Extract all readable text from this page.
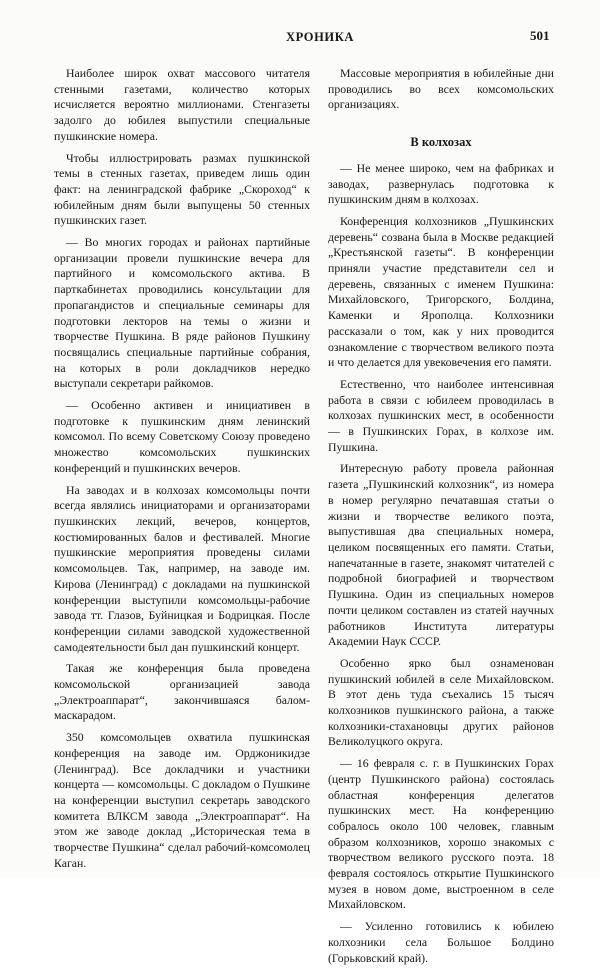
ХРОНИКА	501

Наиболее широк охват массового читателя стенными газетами, количество которых исчисляется вероятно миллионами. Стенгазеты задолго до юбилея выпустили специальные пушкинские номера.

Чтобы иллюстрировать размах пушкинской темы в стенных газетах, приведем лишь один факт: на ленинградской фабрике „Скороход“ к юбилейным дням были выпущены 50 стенных пушкинских газет.

— Во многих городах и районах партийные организации провели пушкинские вечера для партийного и комсомольского актива. В парткабинетах проводились консультации для пропагандистов и специальные семинары для подготовки лекторов на темы о жизни и творчестве Пушкина. В ряде районов Пушкину посвящались специальные партийные собрания, на которых в роли докладчиков нередко выступали секретари райкомов.

— Особенно активен и инициативен в подготовке к пушкинским дням ленинский комсомол. По всему Советскому Союзу проведено множество комсомольских пушкинских конференций и пушкинских вечеров.

На заводах и в колхозах комсомольцы почти всегда являлись инициаторами и организаторами пушкинских лекций, вечеров, концертов, костюмированных балов и фестивалей. Многие пушкинские мероприятия проведены силами комсомольцев. Так, например, на заводе им. Кирова (Ленинград) с докладами на пушкинской конференции выступили комсомольцы-рабочие завода тт. Глазов, Буйницкая и Бодрицкая. После конференции силами заводской художественной самодеятельности был дан пушкинский концерт.

Такая же конференция была проведена комсомольской организацией завода „Электроаппарат“, закончившаяся балом-маскарадом.

350 комсомольцев охватила пушкинская конференция на заводе им. Орджоникидзе (Ленинград). Все докладчики и участники концерта — комсомольцы. С докладом о Пушкине на конференции выступил секретарь заводского комитета ВЛКСМ завода „Электроаппарат“. На этом же заводе доклад „Историческая тема в творчестве Пушкина“ сделал рабочий-комсомолец Каган.

Массовые мероприятия в юбилейные дни проводились во всех комсомольских организациях.

В колхозах

— Не менее широко, чем на фабриках и заводах, развернулась подготовка к пушкинским дням в колхозах.

Конференция колхозников „Пушкинских деревень“ созвана была в Москве редакцией „Крестьянской газеты“. В конференции приняли участие представители сел и деревень, связанных с именем Пушкина: Михайловского, Тригорского, Болдина, Каменки и Ярополца. Колхозники рассказали о том, как у них проводится ознакомление с творчеством великого поэта и что делается для увековечения его памяти.

Естественно, что наиболее интенсивная работа в связи с юбилеем проводилась в колхозах пушкинских мест, в особенности — в Пушкинских Горах, в колхозе им. Пушкина.

Интересную работу провела районная газета „Пушкинский колхозник“, из номера в номер регулярно печатавшая статьи о жизни и творчестве великого поэта, выпустившая два специальных номера, целиком посвященных его памяти. Статьи, напечатанные в газете, знакомят читателей с подробной биографией и творчеством Пушкина. Один из специальных номеров почти целиком составлен из статей научных работников Института литературы Академии Наук СССР.

Особенно ярко был ознаменован пушкинский юбилей в селе Михайловском. В этот день туда съехались 15 тысяч колхозников пушкинского района, а также колхозники-стахановцы других районов Великолуцкого округа.

— 16 февраля с. г. в Пушкинских Горах (центр Пушкинского района) состоялась областная конференция делегатов пушкинских мест. На конференцию собралось около 100 человек, главным образом колхозников, хорошо знакомых с творчеством великого русского поэта. 18 февраля состоялось открытие Пушкинского музея в новом доме, выстроенном в селе Михайловском.

— Усиленно готовились к юбилею колхозники села Большое Болдино (Горьковский край).
